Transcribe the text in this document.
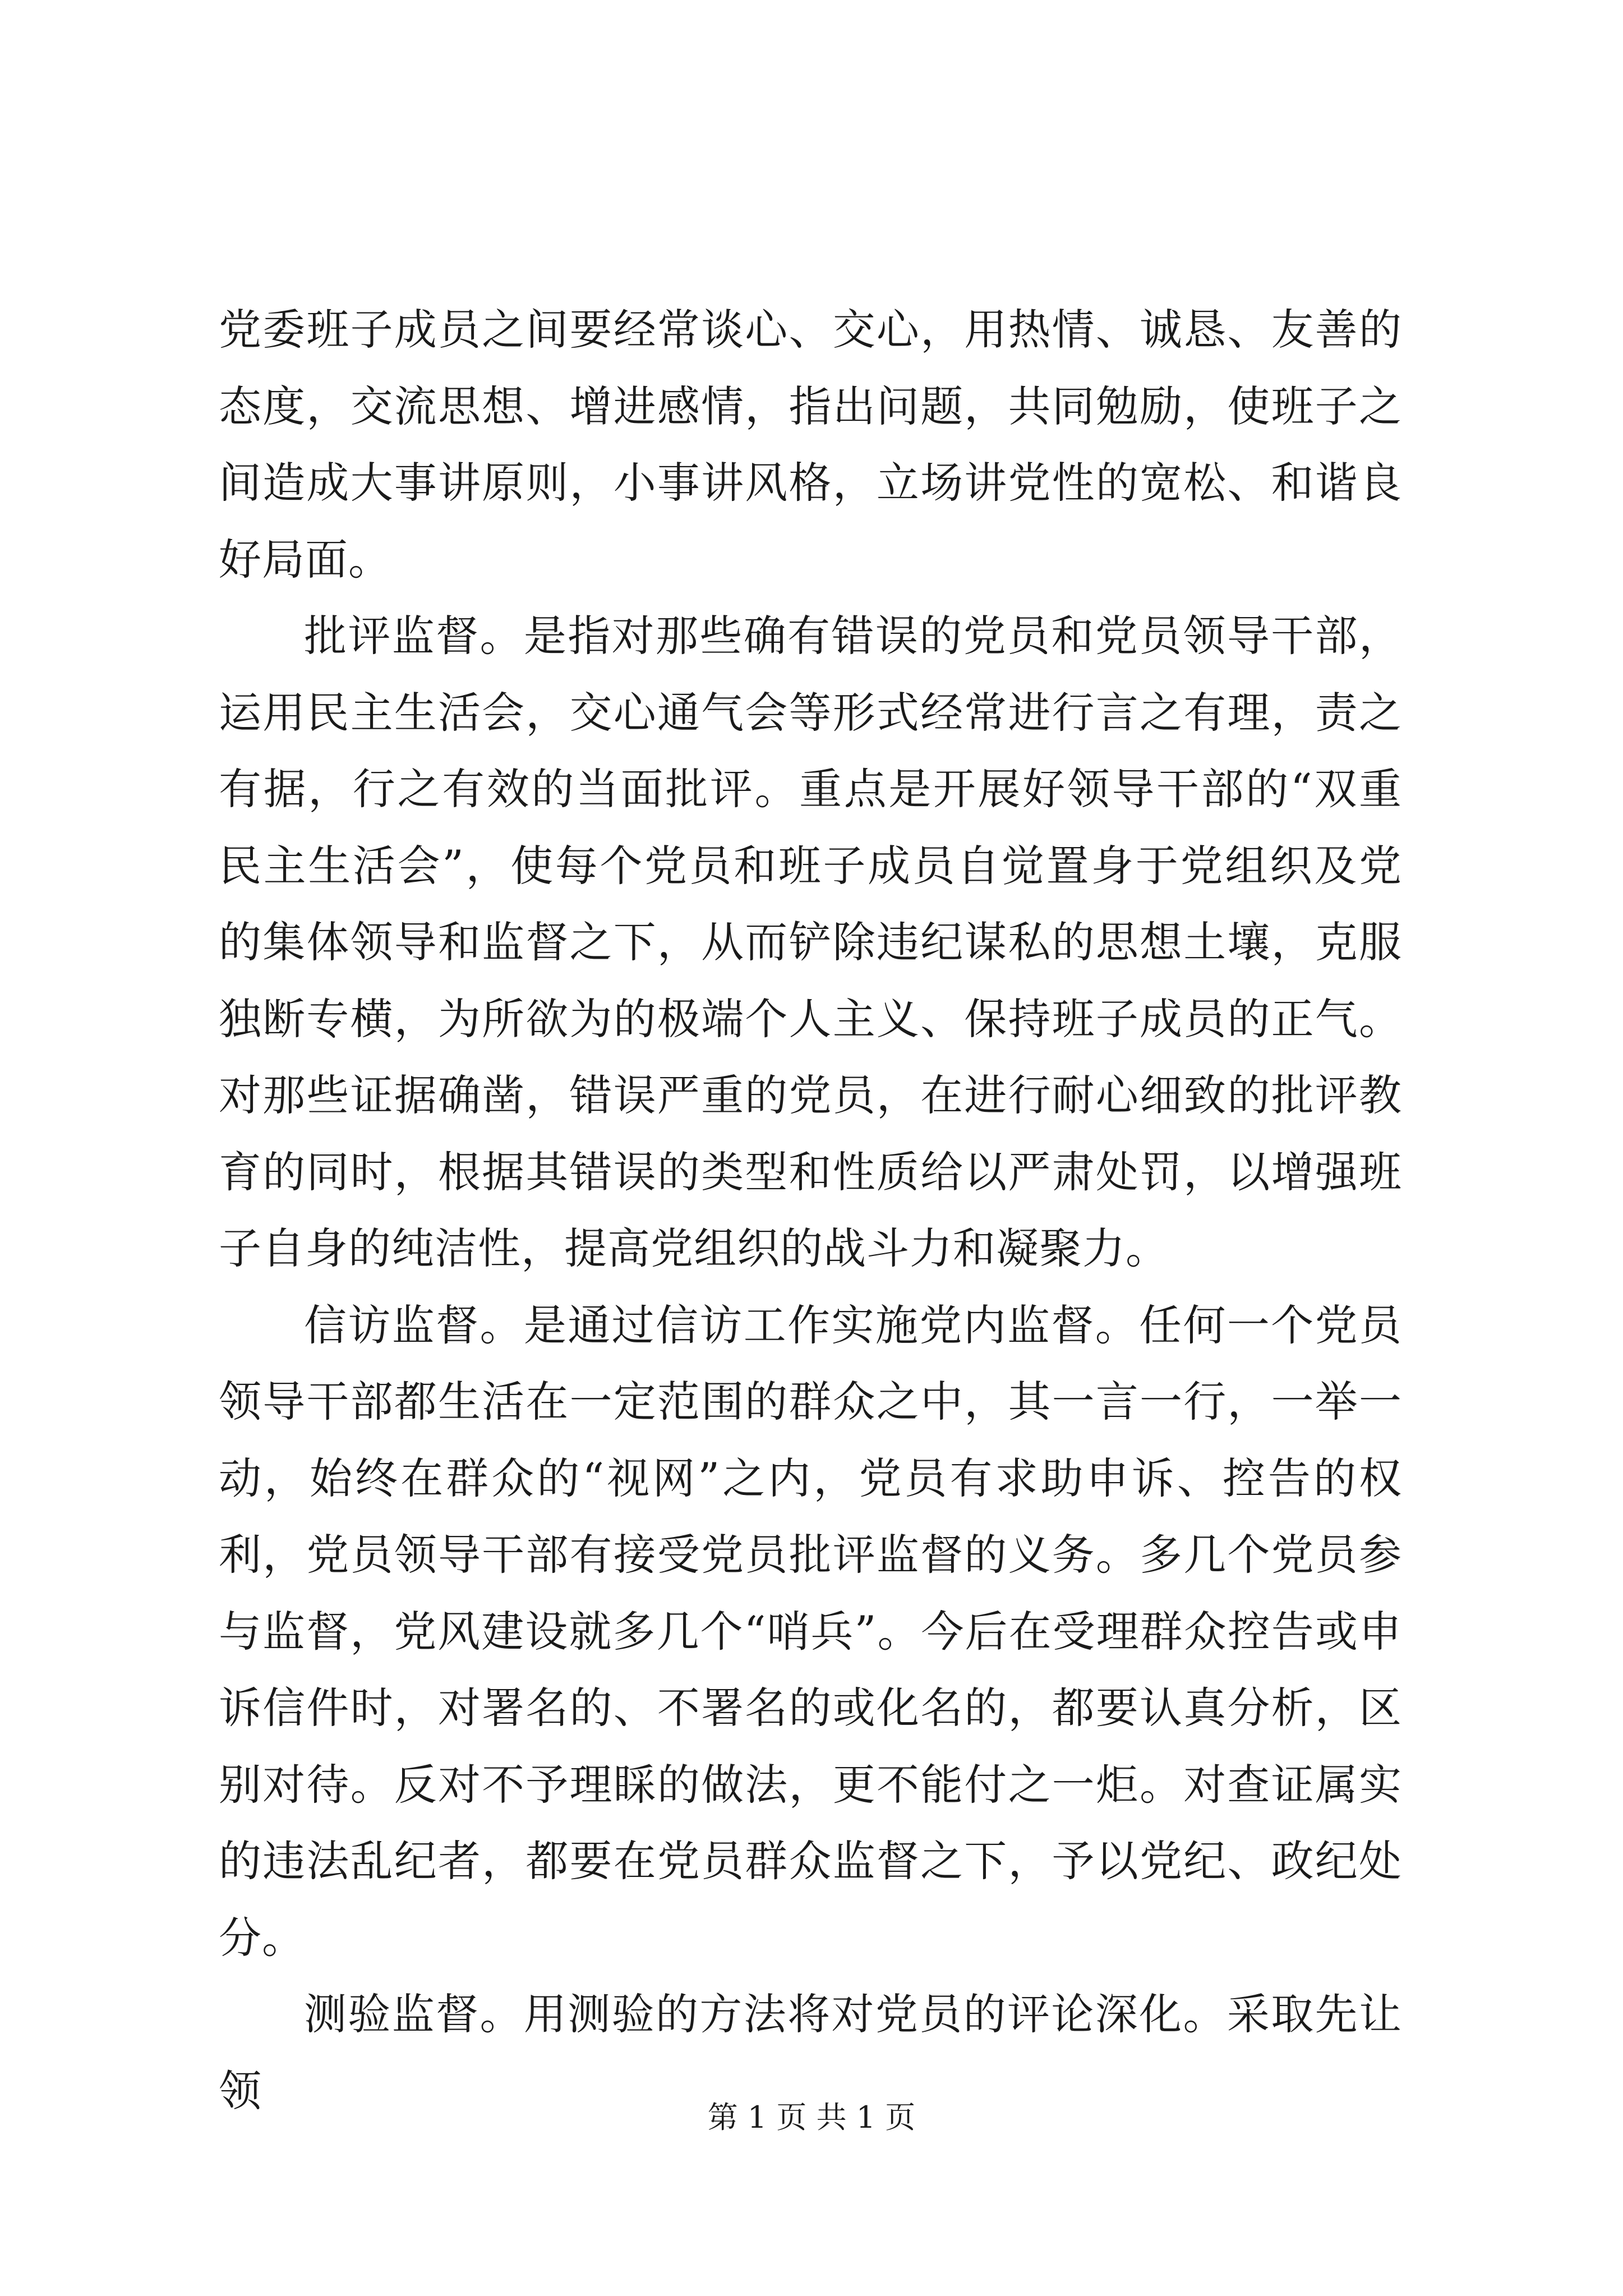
党委班子成员之间要经常谈心、交心，用热情、诚恳、友善的态度，交流思想、增进感情，指出问题，共同勉励，使班子之间造成大事讲原则，小事讲风格，立场讲党性的宽松、和谐良好局面。

批评监督。是指对那些确有错误的党员和党员领导干部，运用民主生活会，交心通气会等形式经常进行言之有理，责之有据，行之有效的当面批评。重点是开展好领导干部的“双重民主生活会”，使每个党员和班子成员自觉置身于党组织及党的集体领导和监督之下，从而铲除违纪谋私的思想土壤，克服独断专横，为所欲为的极端个人主义、保持班子成员的正气。对那些证据确凿，错误严重的党员，在进行耐心细致的批评教育的同时，根据其错误的类型和性质给以严肃处罚，以增强班子自身的纯洁性，提高党组织的战斗力和凝聚力。

信访监督。是通过信访工作实施党内监督。任何一个党员领导干部都生活在一定范围的群众之中，其一言一行，一举一动，始终在群众的“视网”之内，党员有求助申诉、控告的权利，党员领导干部有接受党员批评监督的义务。多几个党员参与监督，党风建设就多几个“哨兵”。今后在受理群众控告或申诉信件时，对署名的、不署名的或化名的，都要认真分析，区别对待。反对不予理睬的做法，更不能付之一炬。对查证属实的违法乱纪者，都要在党员群众监督之下，予以党纪、政纪处分。

测验监督。用测验的方法将对党员的评论深化。采取先让领

第 1 页 共 1 页
